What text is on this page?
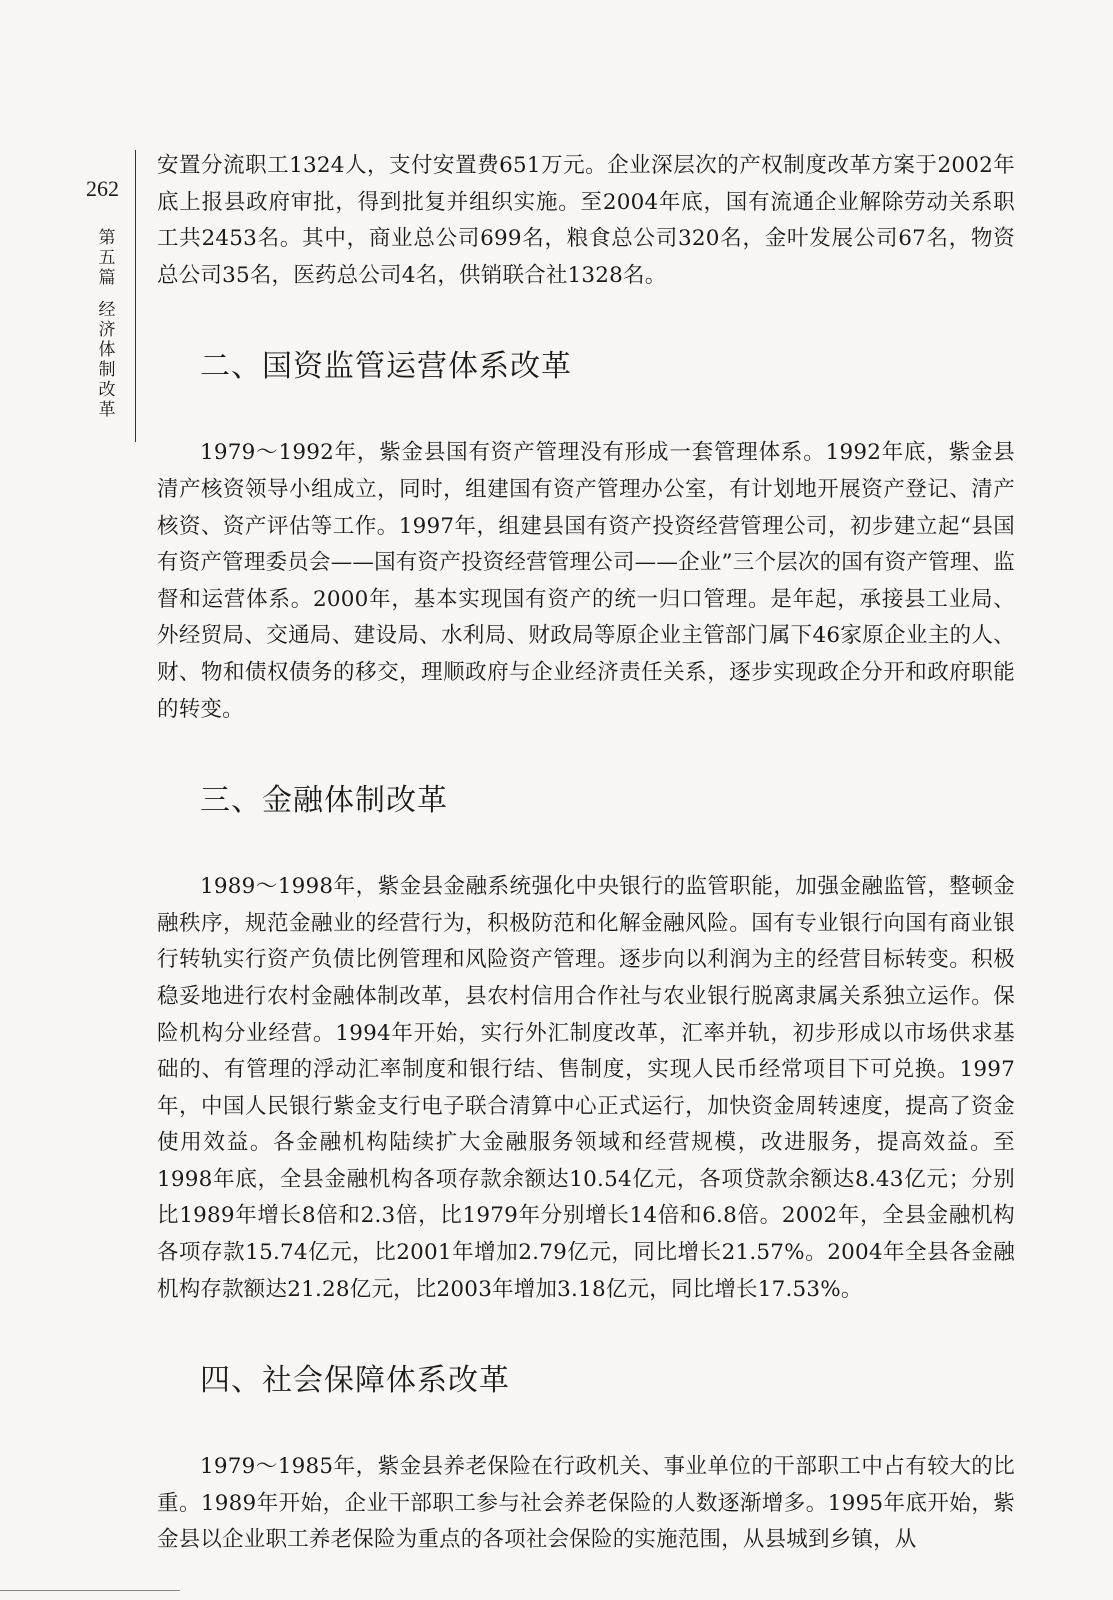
262
第
五
篇
经
济
体
制
改
革

安置分流职工1324人，支付安置费651万元。企业深层次的产权制度改革方案于2002年底上报县政府审批，得到批复并组织实施。至2004年底，国有流通企业解除劳动关系职工共2453名。其中，商业总公司699名，粮食总公司320名，金叶发展公司67名，物资总公司35名，医药总公司4名，供销联合社1328名。

二、国资监管运营体系改革

1979～1992年，紫金县国有资产管理没有形成一套管理体系。1992年底，紫金县清产核资领导小组成立，同时，组建国有资产管理办公室，有计划地开展资产登记、清产核资、资产评估等工作。1997年，组建县国有资产投资经营管理公司，初步建立起“县国有资产管理委员会——国有资产投资经营管理公司——企业”三个层次的国有资产管理、监督和运营体系。2000年，基本实现国有资产的统一归口管理。是年起，承接县工业局、外经贸局、交通局、建设局、水利局、财政局等原企业主管部门属下46家原企业主的人、财、物和债权债务的移交，理顺政府与企业经济责任关系，逐步实现政企分开和政府职能的转变。

三、金融体制改革

1989～1998年，紫金县金融系统强化中央银行的监管职能，加强金融监管，整顿金融秩序，规范金融业的经营行为，积极防范和化解金融风险。国有专业银行向国有商业银行转轨实行资产负债比例管理和风险资产管理。逐步向以利润为主的经营目标转变。积极稳妥地进行农村金融体制改革，县农村信用合作社与农业银行脱离隶属关系独立运作。保险机构分业经营。1994年开始，实行外汇制度改革，汇率并轨，初步形成以市场供求基础的、有管理的浮动汇率制度和银行结、售制度，实现人民币经常项目下可兑换。1997年，中国人民银行紫金支行电子联合清算中心正式运行，加快资金周转速度，提高了资金使用效益。各金融机构陆续扩大金融服务领域和经营规模，改进服务，提高效益。至1998年底，全县金融机构各项存款余额达10.54亿元，各项贷款余额达8.43亿元；分别比1989年增长8倍和2.3倍，比1979年分别增长14倍和6.8倍。2002年，全县金融机构各项存款15.74亿元，比2001年增加2.79亿元，同比增长21.57%。2004年全县各金融机构存款额达21.28亿元，比2003年增加3.18亿元，同比增长17.53%。

四、社会保障体系改革

1979～1985年，紫金县养老保险在行政机关、事业单位的干部职工中占有较大的比重。1989年开始，企业干部职工参与社会养老保险的人数逐渐增多。1995年底开始，紫金县以企业职工养老保险为重点的各项社会保险的实施范围，从县城到乡镇，从
